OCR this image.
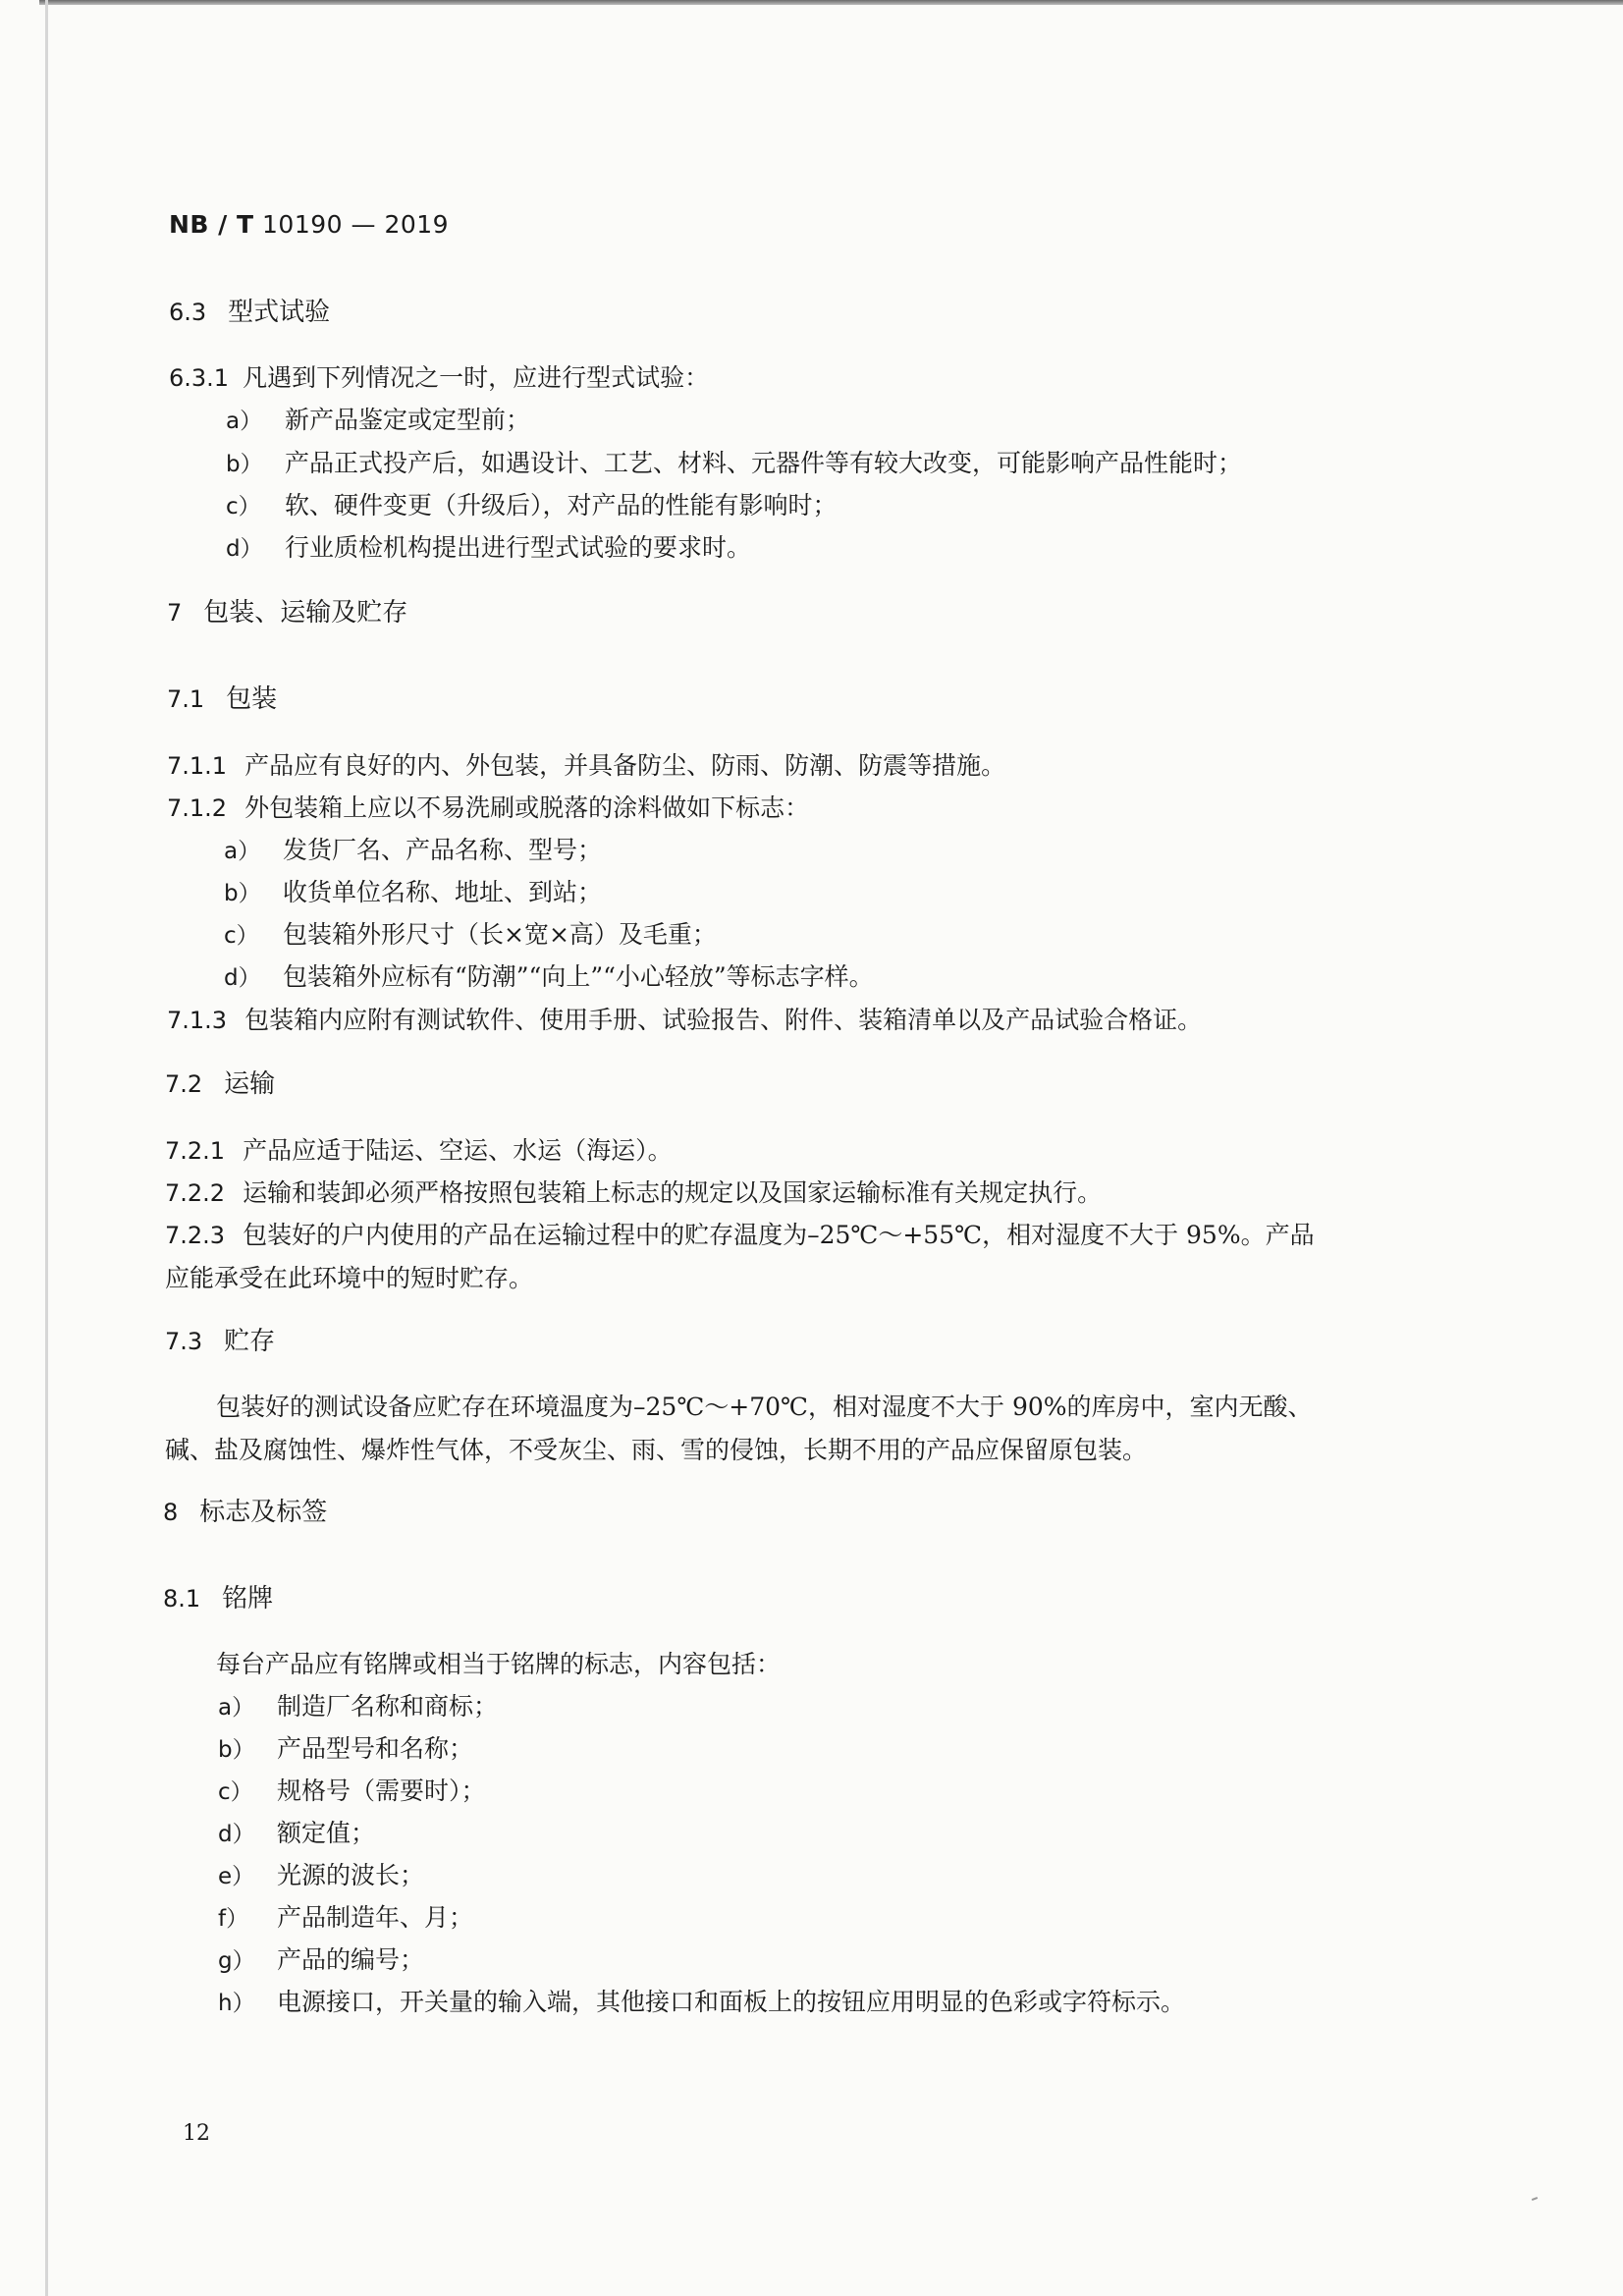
NB / T 10190 — 2019
6.3 型式试验
6.3.1 凡遇到下列情况之一时，应进行型式试验：
a） 新产品鉴定或定型前；
b） 产品正式投产后，如遇设计、工艺、材料、元器件等有较大改变，可能影响产品性能时；
c） 软、硬件变更（升级后），对产品的性能有影响时；
d） 行业质检机构提出进行型式试验的要求时。
7 包装、运输及贮存
7.1 包装
7.1.1 产品应有良好的内、外包装，并具备防尘、防雨、防潮、防震等措施。
7.1.2 外包装箱上应以不易洗刷或脱落的涂料做如下标志：
a） 发货厂名、产品名称、型号；
b） 收货单位名称、地址、到站；
c） 包装箱外形尺寸（长×宽×高）及毛重；
d） 包装箱外应标有“防潮”“向上”“小心轻放”等标志字样。
7.1.3 包装箱内应附有测试软件、使用手册、试验报告、附件、装箱清单以及产品试验合格证。
7.2 运输
7.2.1 产品应适于陆运、空运、水运（海运）。
7.2.2 运输和装卸必须严格按照包装箱上标志的规定以及国家运输标准有关规定执行。
7.2.3 包装好的户内使用的产品在运输过程中的贮存温度为–25℃～+55℃，相对湿度不大于 95%。产品
应能承受在此环境中的短时贮存。
7.3 贮存
包装好的测试设备应贮存在环境温度为–25℃～+70℃，相对湿度不大于 90%的库房中，室内无酸、
碱、盐及腐蚀性、爆炸性气体，不受灰尘、雨、雪的侵蚀，长期不用的产品应保留原包装。
8 标志及标签
8.1 铭牌
每台产品应有铭牌或相当于铭牌的标志，内容包括：
a） 制造厂名称和商标；
b） 产品型号和名称；
c） 规格号（需要时）；
d） 额定值；
e） 光源的波长；
f） 产品制造年、月；
g） 产品的编号；
h） 电源接口，开关量的输入端，其他接口和面板上的按钮应用明显的色彩或字符标示。
12
